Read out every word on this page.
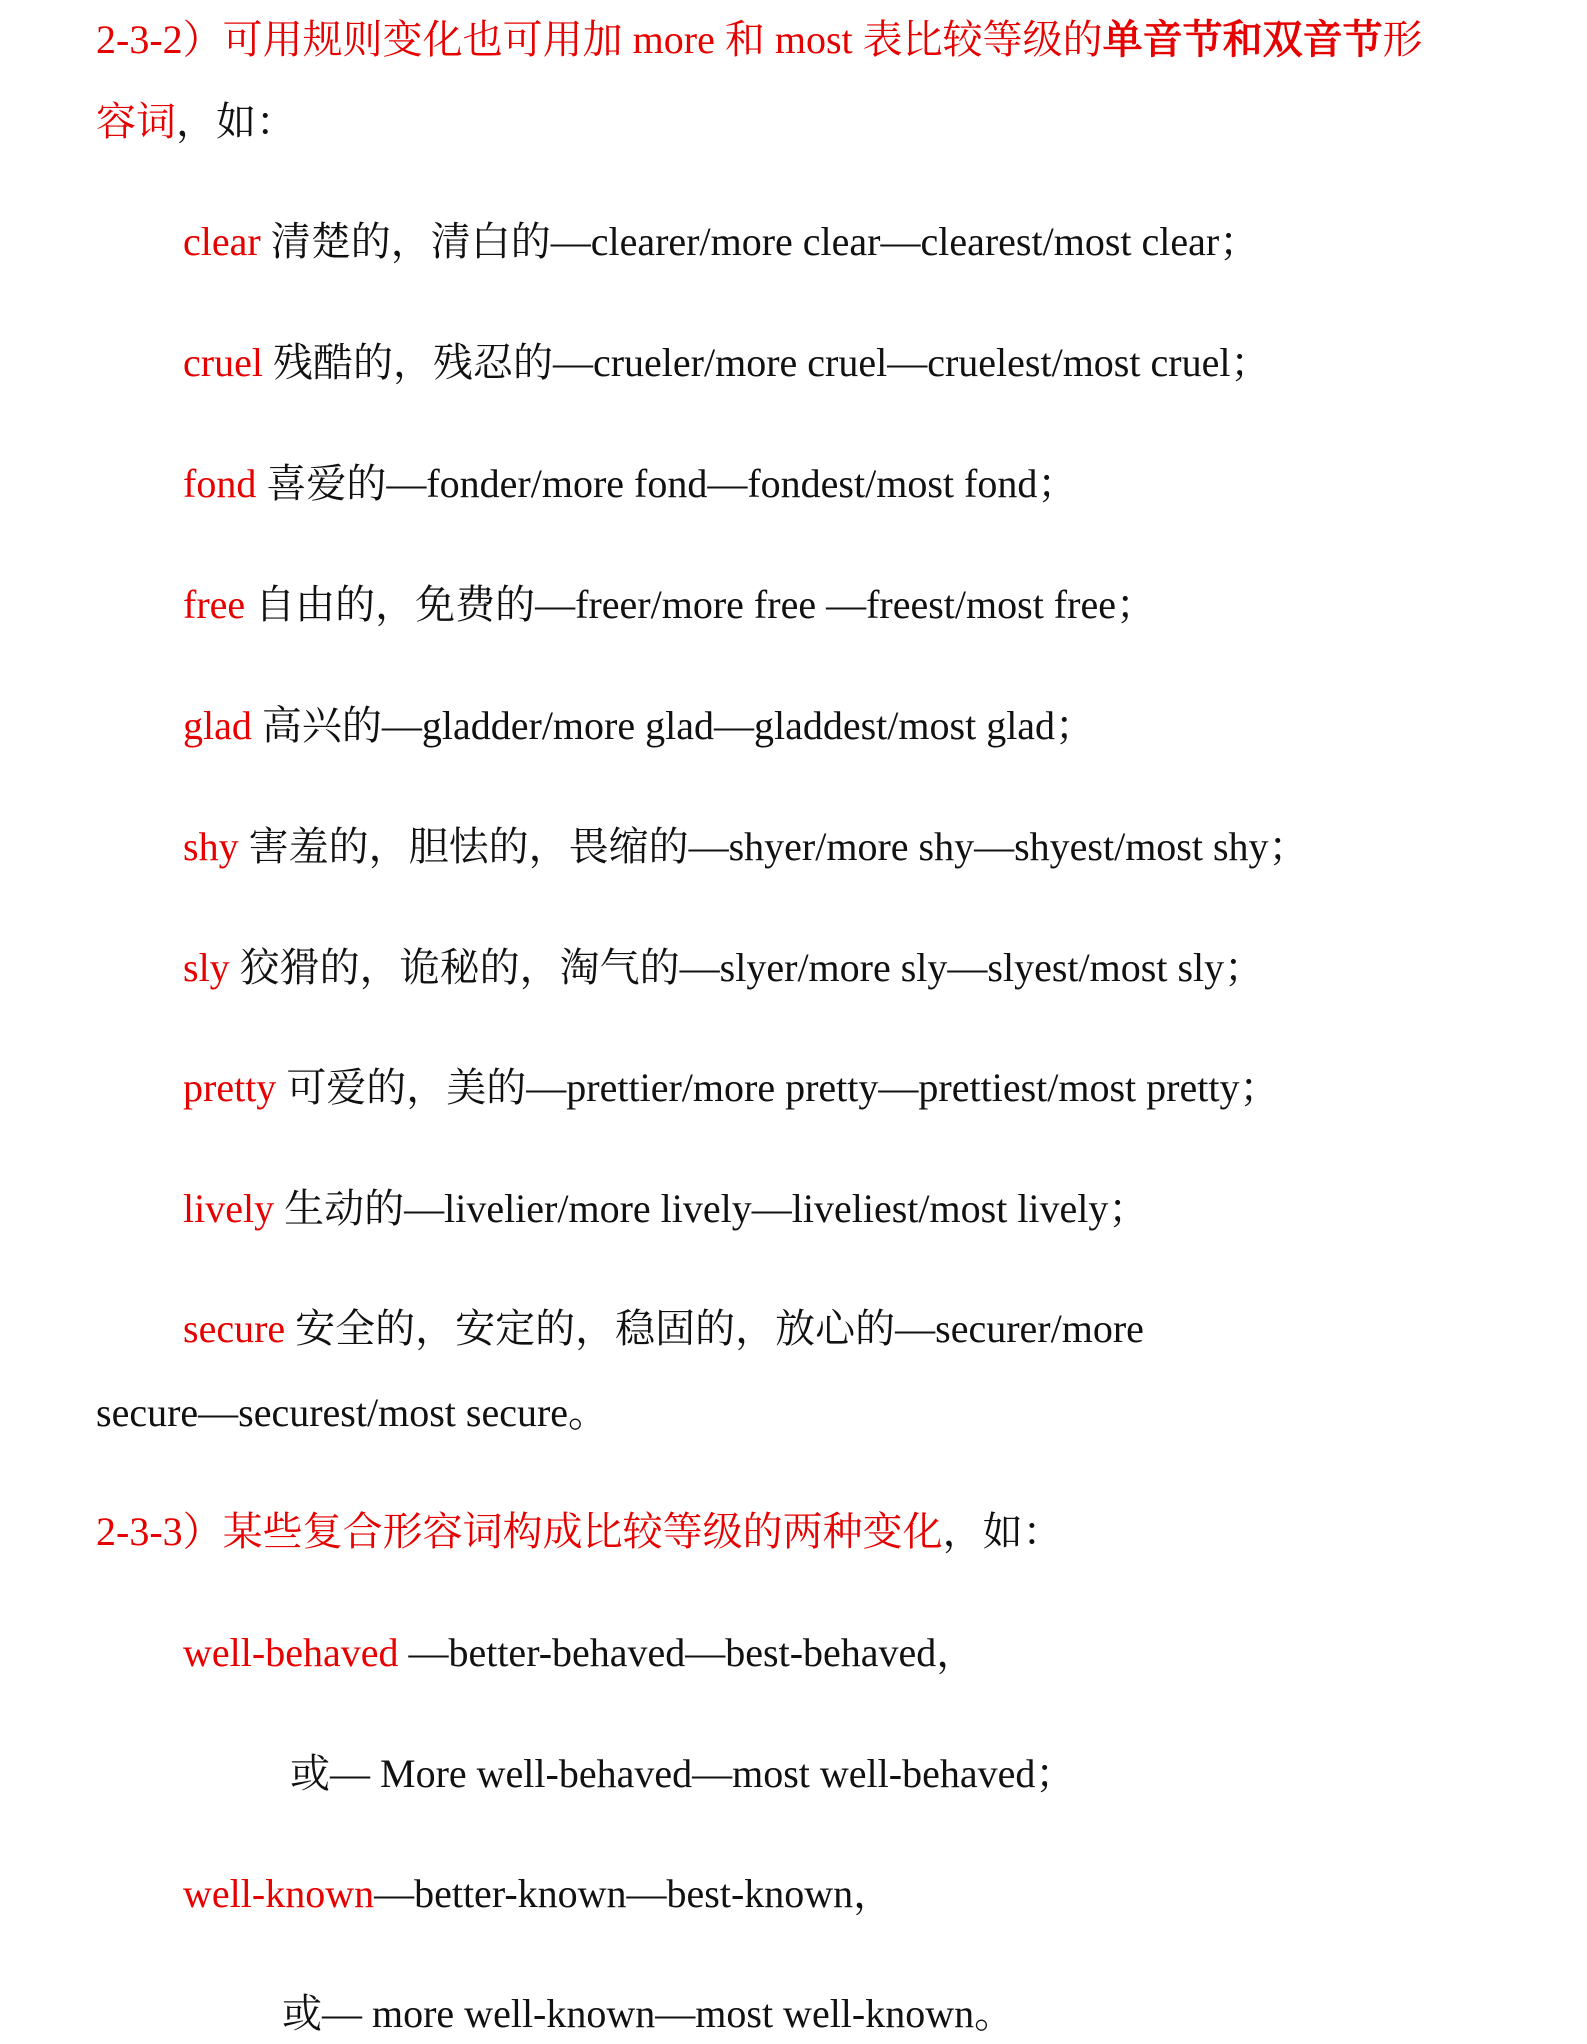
2-3-2）可用规则变化也可用加 more 和 most 表比较等级的单音节和双音节形
容词，如：
clear 清楚的，清白的—clearer/more clear—clearest/most clear；
cruel 残酷的，残忍的—crueler/more cruel—cruelest/most cruel；
fond 喜爱的—fonder/more fond—fondest/most fond；
free 自由的，免费的—freer/more free —freest/most free；
glad 高兴的—gladder/more glad—gladdest/most glad；
shy 害羞的，胆怯的，畏缩的—shyer/more shy—shyest/most shy；
sly 狡猾的，诡秘的，淘气的—slyer/more sly—slyest/most sly；
pretty 可爱的，美的—prettier/more pretty—prettiest/most pretty；
lively 生动的—livelier/more lively—liveliest/most lively；
secure 安全的，安定的，稳固的，放心的—securer/more
secure—securest/most secure。
2-3-3）某些复合形容词构成比较等级的两种变化，如：
well-behaved —better-behaved—best-behaved，
或— More well-behaved—most well-behaved；
well-known—better-known—best-known，
或— more well-known—most well-known。
